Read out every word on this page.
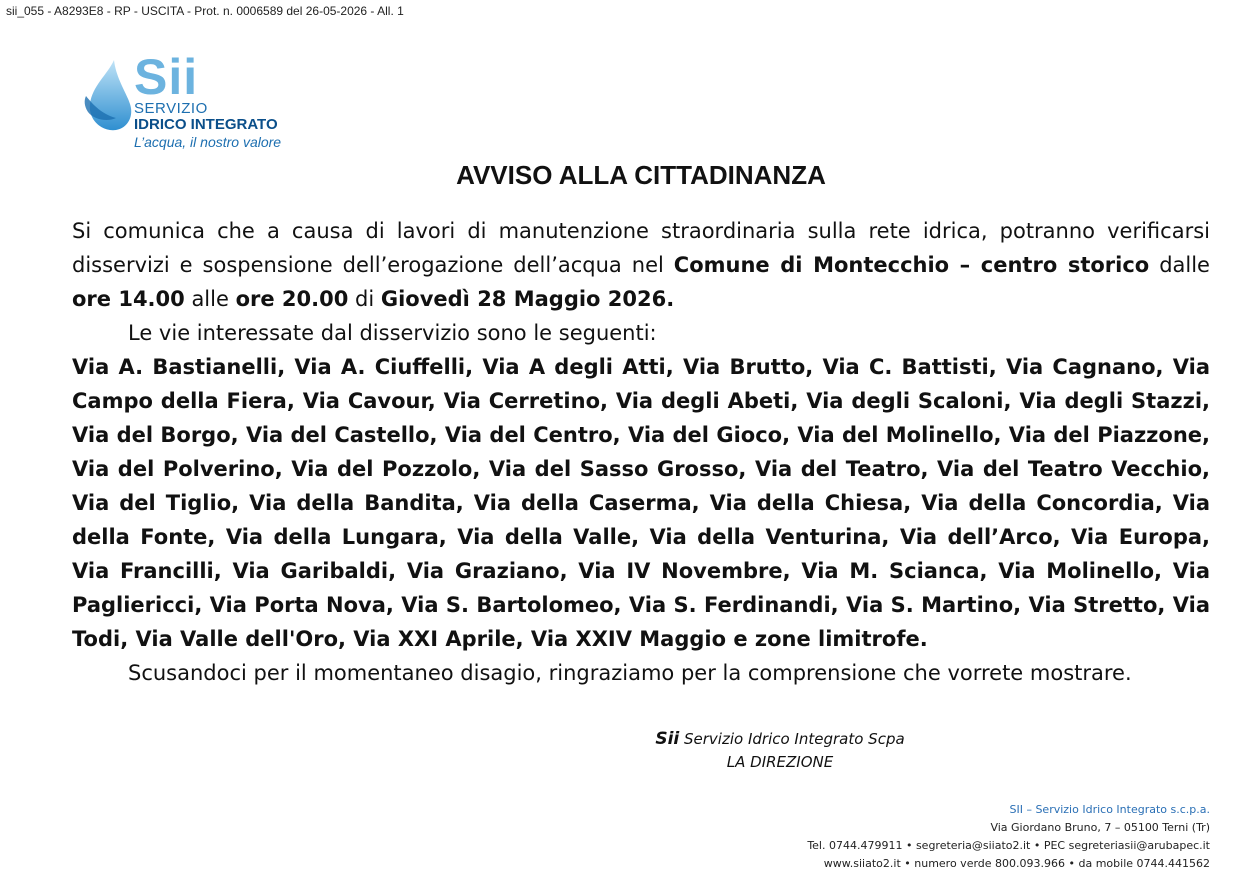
sii_055 - A8293E8 - RP - USCITA - Prot. n. 0006589 del 26-05-2026 - All. 1
Sii
SERVIZIO
IDRICO INTEGRATO
L’acqua, il nostro valore
AVVISO ALLA CITTADINANZA

Si comunica che a causa di lavori di manutenzione straordinaria sulla rete idrica, potranno verificarsi disservizi e sospensione dell’erogazione dell’acqua nel Comune di Montecchio – centro storico dalle ore 14.00 alle ore 20.00 di Giovedì 28 Maggio 2026.

Le vie interessate dal disservizio sono le seguenti:

Via A. Bastianelli, Via A. Ciuffelli, Via A degli Atti, Via Brutto, Via C. Battisti, Via Cagnano, Via Campo della Fiera, Via Cavour, Via Cerretino, Via degli Abeti, Via degli Scaloni, Via degli Stazzi, Via del Borgo, Via del Castello, Via del Centro, Via del Gioco, Via del Molinello, Via del Piazzone, Via del Polverino, Via del Pozzolo, Via del Sasso Grosso, Via del Teatro, Via del Teatro Vecchio, Via del Tiglio, Via della Bandita, Via della Caserma, Via della Chiesa, Via della Concordia, Via della Fonte, Via della Lungara, Via della Valle, Via della Venturina, Via dell’Arco, Via Europa, Via Francilli, Via Garibaldi, Via Graziano, Via IV Novembre, Via M. Scianca, Via Molinello, Via Paglierіcci, Via Porta Nova, Via S. Bartolomeo, Via S. Ferdinandi, Via S. Martino, Via Stretto, Via Todi, Via Valle dell'Oro, Via XXI Aprile, Via XXIV Maggio e zone limitrofe.

Scusandoci per il momentaneo disagio, ringraziamo per la comprensione che vorrete mostrare.

Sii Servizio Idrico Integrato Scpa
LA DIREZIONE
SII – Servizio Idrico Integrato s.c.p.a.
Via Giordano Bruno, 7 – 05100 Terni (Tr)
Tel. 0744.479911 • segreteria@siiato2.it • PEC segreteriasii@arubapec.it
www.siiato2.it • numero verde 800.093.966 • da mobile 0744.441562
